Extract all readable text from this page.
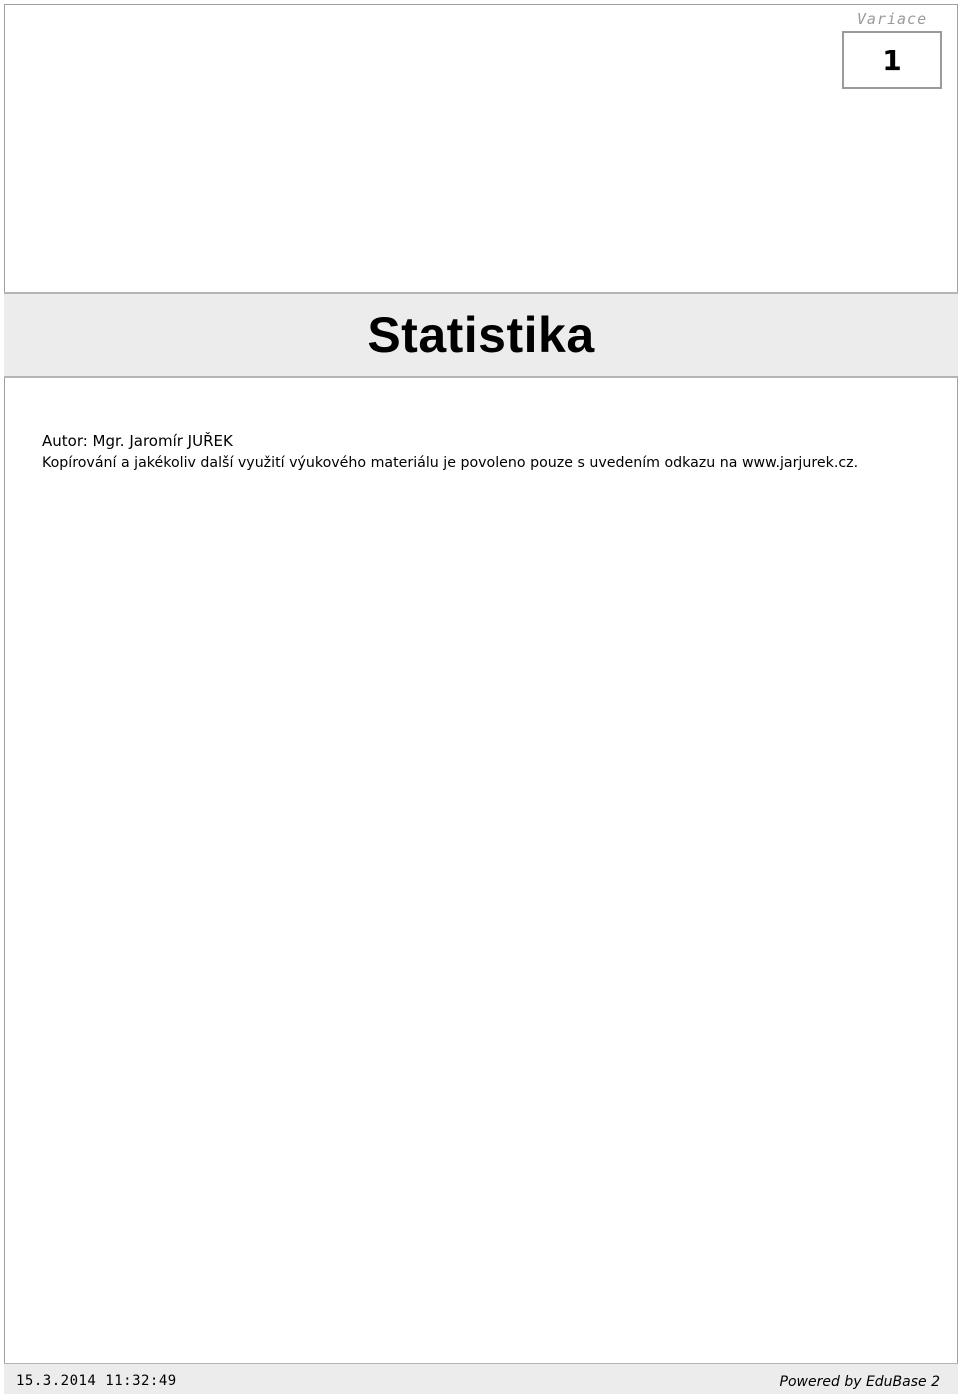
Variace
1
Statistika
Autor: Mgr. Jaromír JUŘEK
Kopírování a jakékoliv další využití výukového materiálu je povoleno pouze s uvedením odkazu na www.jarjurek.cz.
15.3.2014 11:32:49	Powered by EduBase 2
